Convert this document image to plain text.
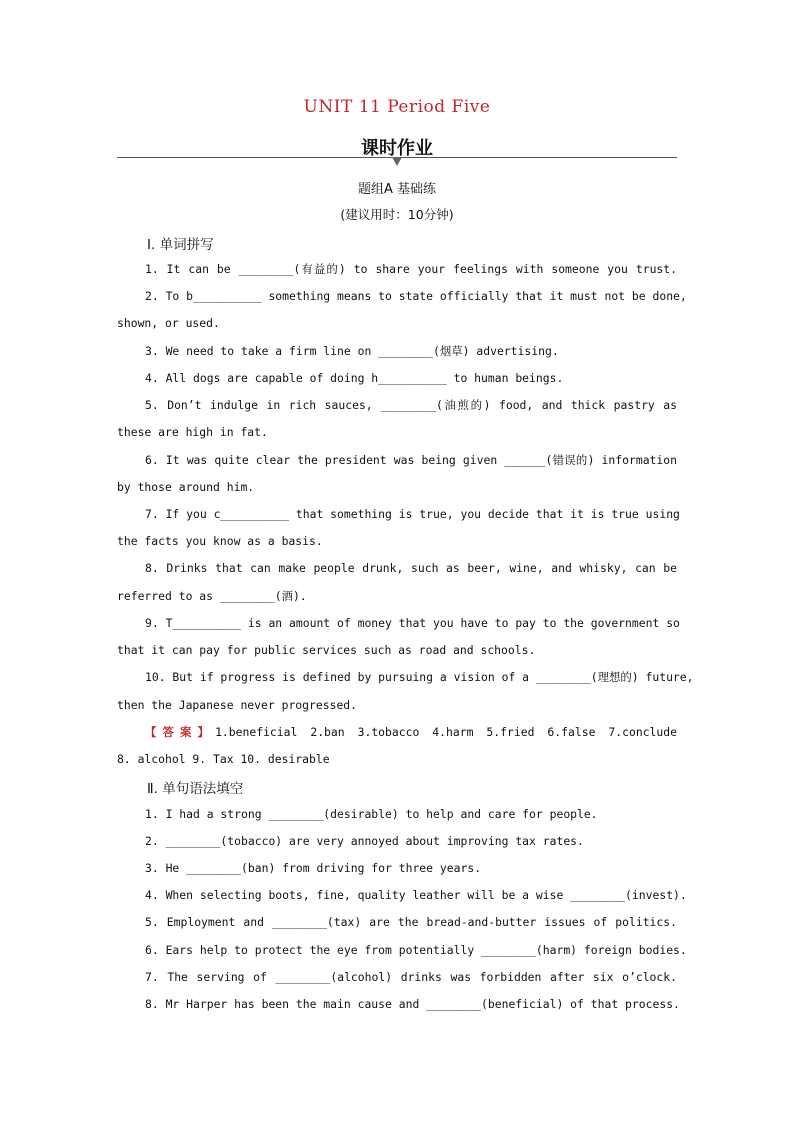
UNIT 11 Period Five
课时作业
题组A 基础练
(建议用时：10分钟)
Ⅰ. 单词拼写
1. It can be ________(有益的) to share your feelings with someone you trust.
2. To b__________ something means to state officially that it must not be done,
shown, or used.
3. We need to take a firm line on ________(烟草) advertising.
4. All dogs are capable of doing h__________ to human beings.
5. Don’t indulge in rich sauces, ________(油煎的) food, and thick pastry as
these are high in fat.
6. It was quite clear the president was being given ______(错误的) information
by those around him.
7. If you c__________ that something is true, you decide that it is true using
the facts you know as a basis.
8. Drinks that can make people drunk, such as beer, wine, and whisky, can be
referred to as ________(酒).
9. T__________ is an amount of money that you have to pay to the government so
that it can pay for public services such as road and schools.
10. But if progress is defined by pursuing a vision of a ________(理想的) future,
then the Japanese never progressed.
【答案】1.beneficial 2.ban 3.tobacco 4.harm 5.fried 6.false 7.conclude
8. alcohol 9. Tax 10. desirable
Ⅱ. 单句语法填空
1. I had a strong ________(desirable) to help and care for people.
2. ________(tobacco) are very annoyed about improving tax rates.
3. He ________(ban) from driving for three years.
4. When selecting boots, fine, quality leather will be a wise ________(invest).
5. Employment and ________(tax) are the bread-and-butter issues of politics.
6. Ears help to protect the eye from potentially ________(harm) foreign bodies.
7. The serving of ________(alcohol) drinks was forbidden after six o’clock.
8. Mr Harper has been the main cause and ________(beneficial) of that process.
